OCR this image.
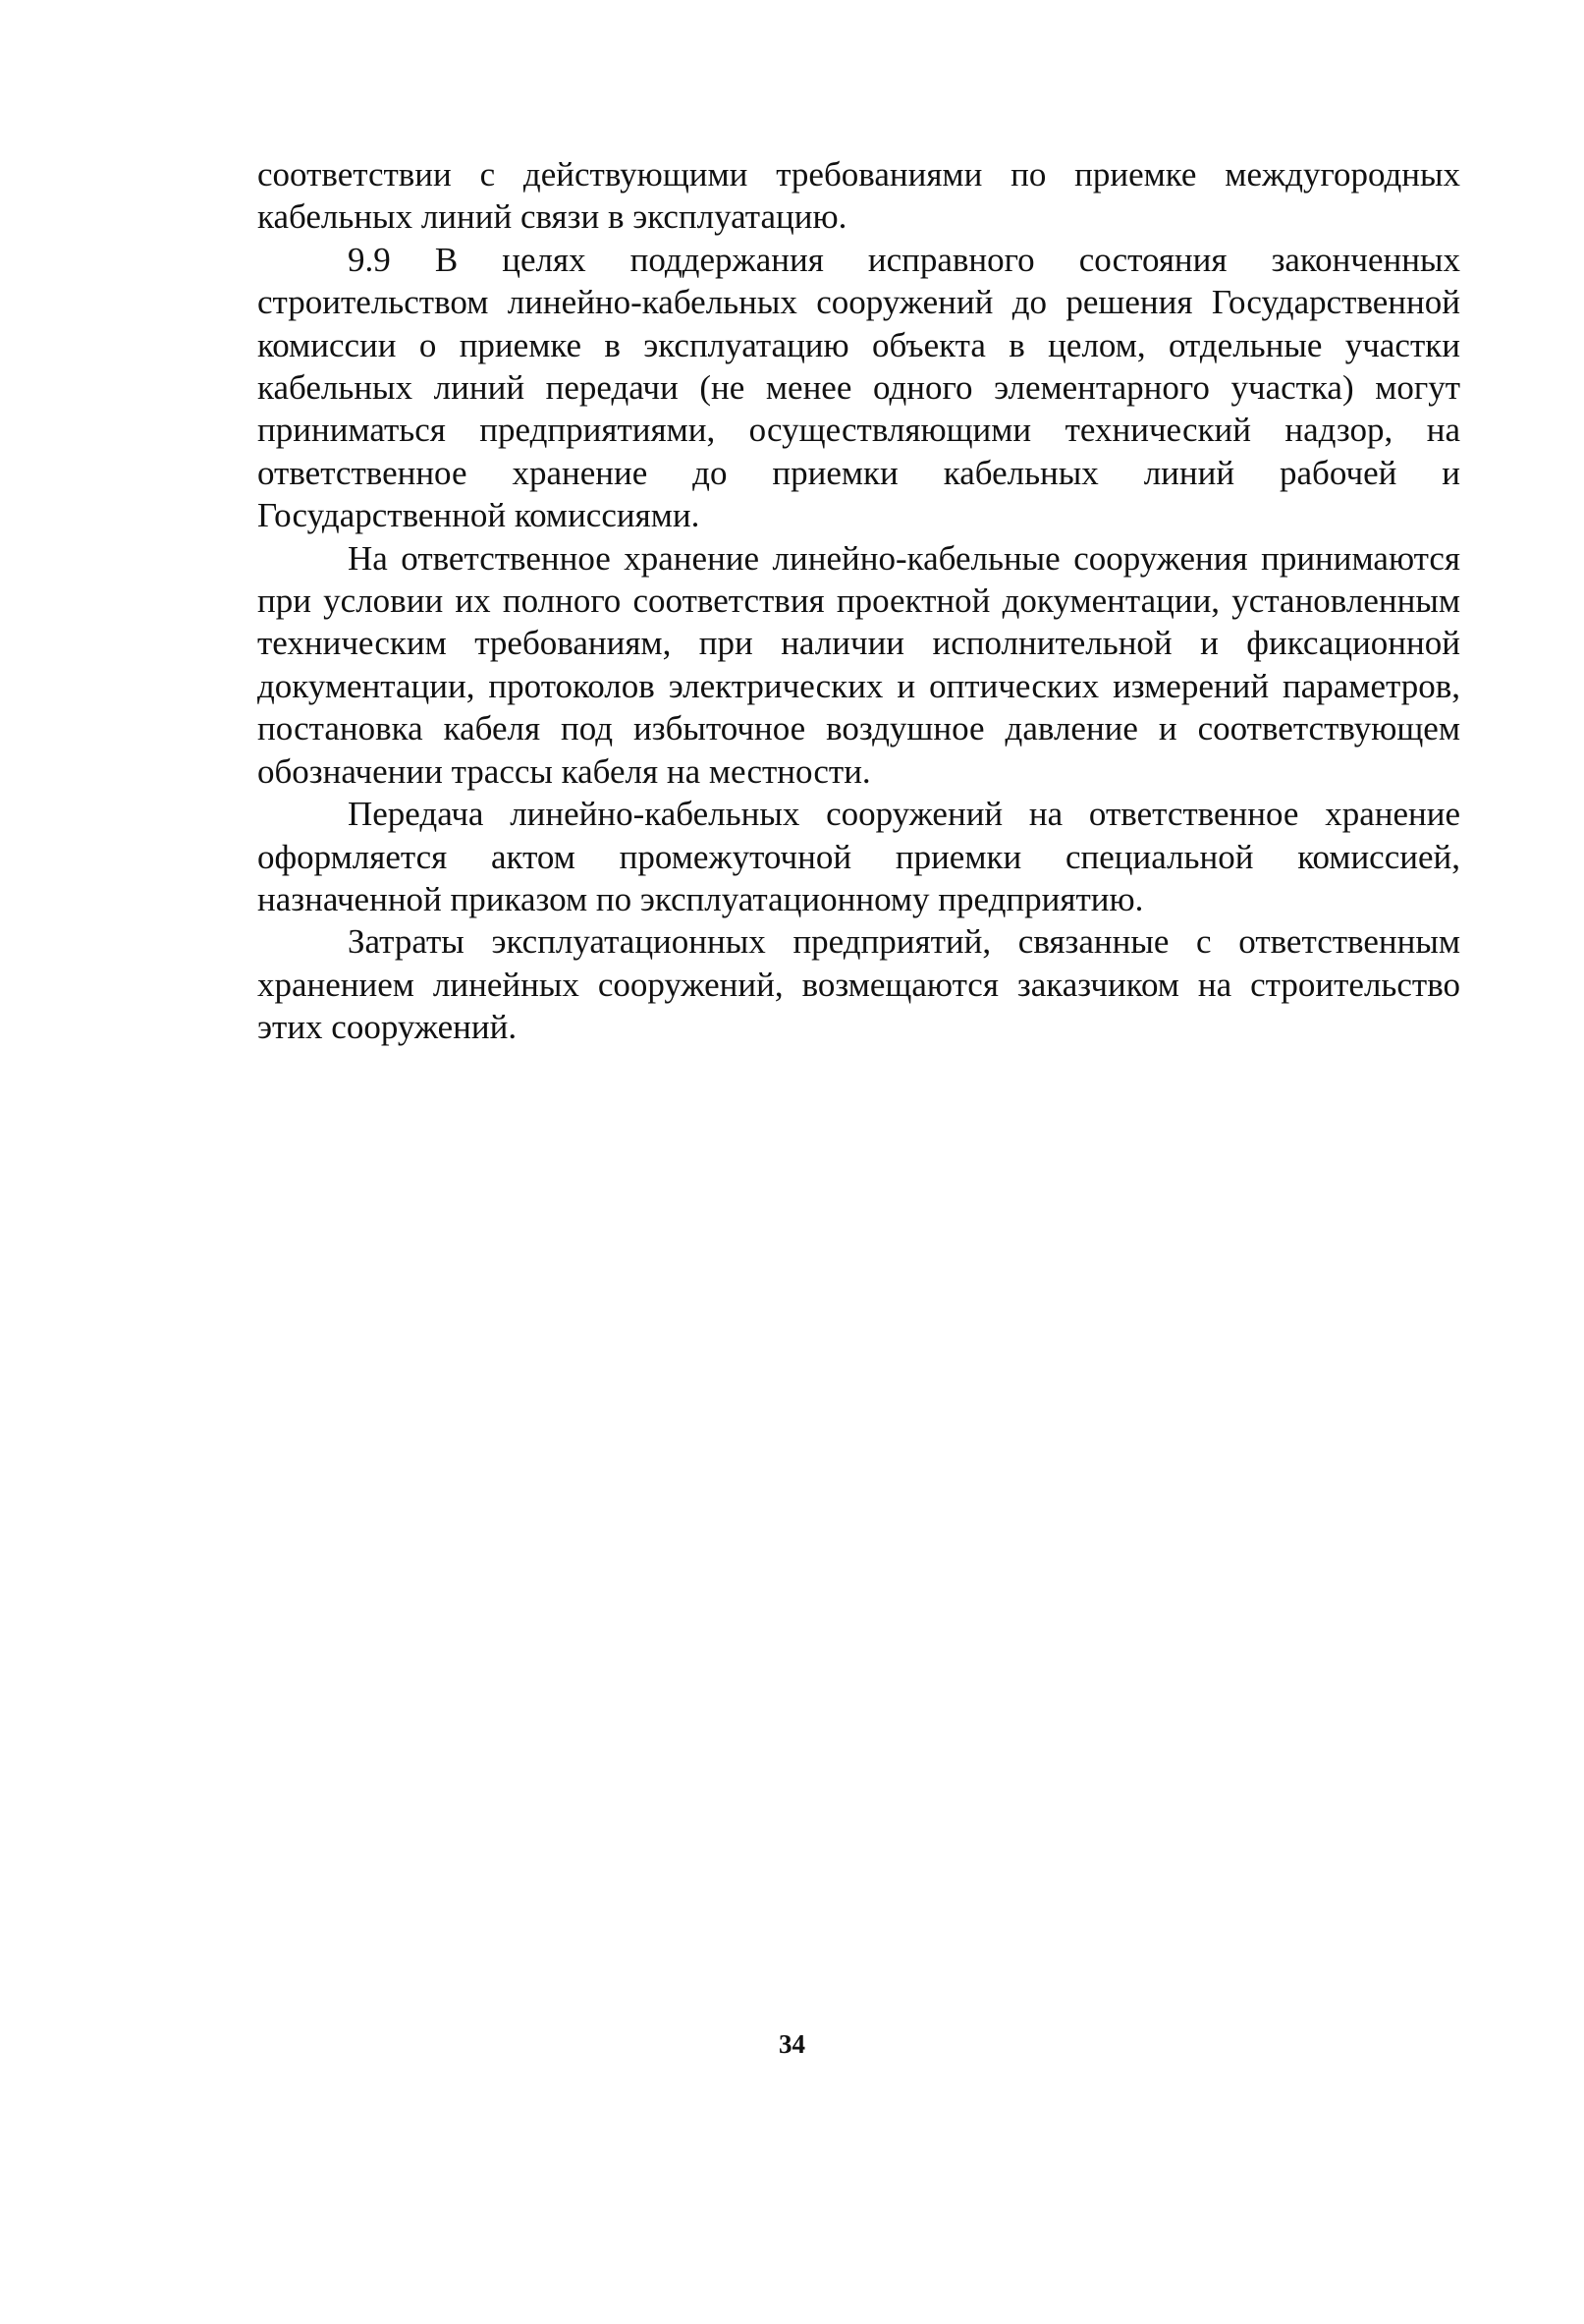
соответствии с действующими требованиями по приемке междугородных кабельных линий связи в эксплуатацию.

9.9 В целях поддержания исправного состояния законченных строительством линейно-кабельных сооружений до решения Государственной комиссии о приемке в эксплуатацию объекта в целом, отдельные участки кабельных линий передачи (не менее одного элементарного участка) могут приниматься предприятиями, осуществляющими технический надзор, на ответственное хранение до приемки кабельных линий рабочей и Государственной комиссиями.

На ответственное хранение линейно-кабельные сооружения принимаются при условии их полного соответствия проектной документации, установленным техническим требованиям, при наличии исполнительной и фиксационной документации, протоколов электрических и оптических измерений параметров, постановка кабеля под избыточное воздушное давление и соответствующем обозначении трассы кабеля на местности.

Передача линейно-кабельных сооружений на ответственное хранение оформляется актом промежуточной приемки специальной комиссией, назначенной приказом по эксплуатационному предприятию.

Затраты эксплуатационных предприятий, связанные с ответственным хранением линейных сооружений, возмещаются заказчиком на строительство этих сооружений.

34
